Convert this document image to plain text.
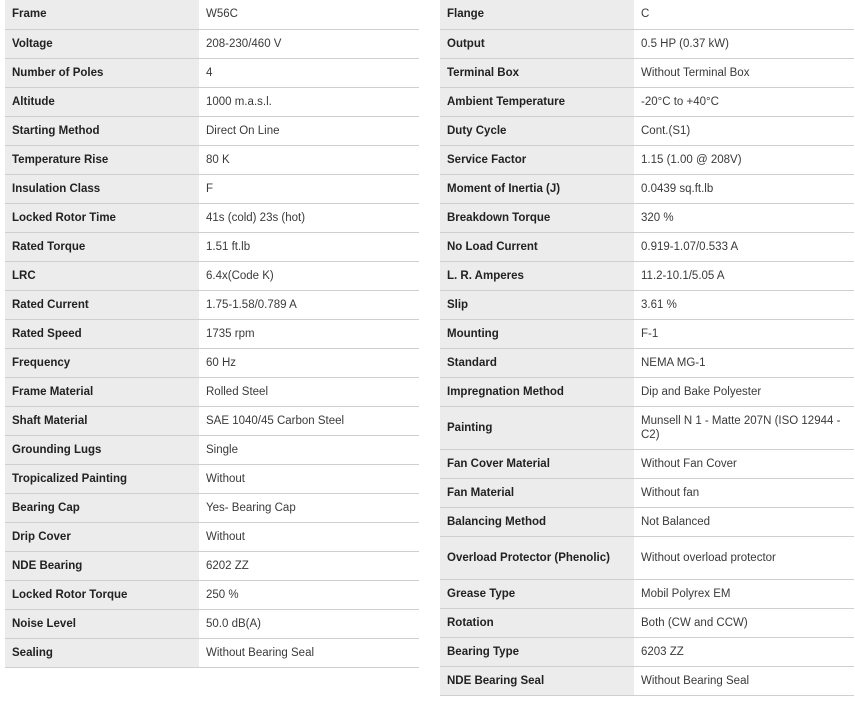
Frame	W56C
Voltage	208-230/460 V
Number of Poles	4
Altitude	1000 m.a.s.l.
Starting Method	Direct On Line
Temperature Rise	80 K
Insulation Class	F
Locked Rotor Time	41s (cold) 23s (hot)
Rated Torque	1.51 ft.lb
LRC	6.4x(Code K)
Rated Current	1.75-1.58/0.789 A
Rated Speed	1735 rpm
Frequency	60 Hz
Frame Material	Rolled Steel
Shaft Material	SAE 1040/45 Carbon Steel
Grounding Lugs	Single
Tropicalized Painting	Without
Bearing Cap	Yes- Bearing Cap
Drip Cover	Without
NDE Bearing	6202 ZZ
Locked Rotor Torque	250 %
Noise Level	50.0 dB(A)
Sealing	Without Bearing Seal
Flange	C
Output	0.5 HP (0.37 kW)
Terminal Box	Without Terminal Box
Ambient Temperature	-20°C to +40°C
Duty Cycle	Cont.(S1)
Service Factor	1.15 (1.00 @ 208V)
Moment of Inertia (J)	0.0439 sq.ft.lb
Breakdown Torque	320 %
No Load Current	0.919-1.07/0.533 A
L. R. Amperes	11.2-10.1/5.05 A
Slip	3.61 %
Mounting	F-1
Standard	NEMA MG-1
Impregnation Method	Dip and Bake Polyester
Painting	Munsell N 1 - Matte 207N (ISO 12944 - C2)
Fan Cover Material	Without Fan Cover
Fan Material	Without fan
Balancing Method	Not Balanced
Overload Protector (Phenolic)	Without overload protector
Grease Type	Mobil Polyrex EM
Rotation	Both (CW and CCW)
Bearing Type	6203 ZZ
NDE Bearing Seal	Without Bearing Seal
